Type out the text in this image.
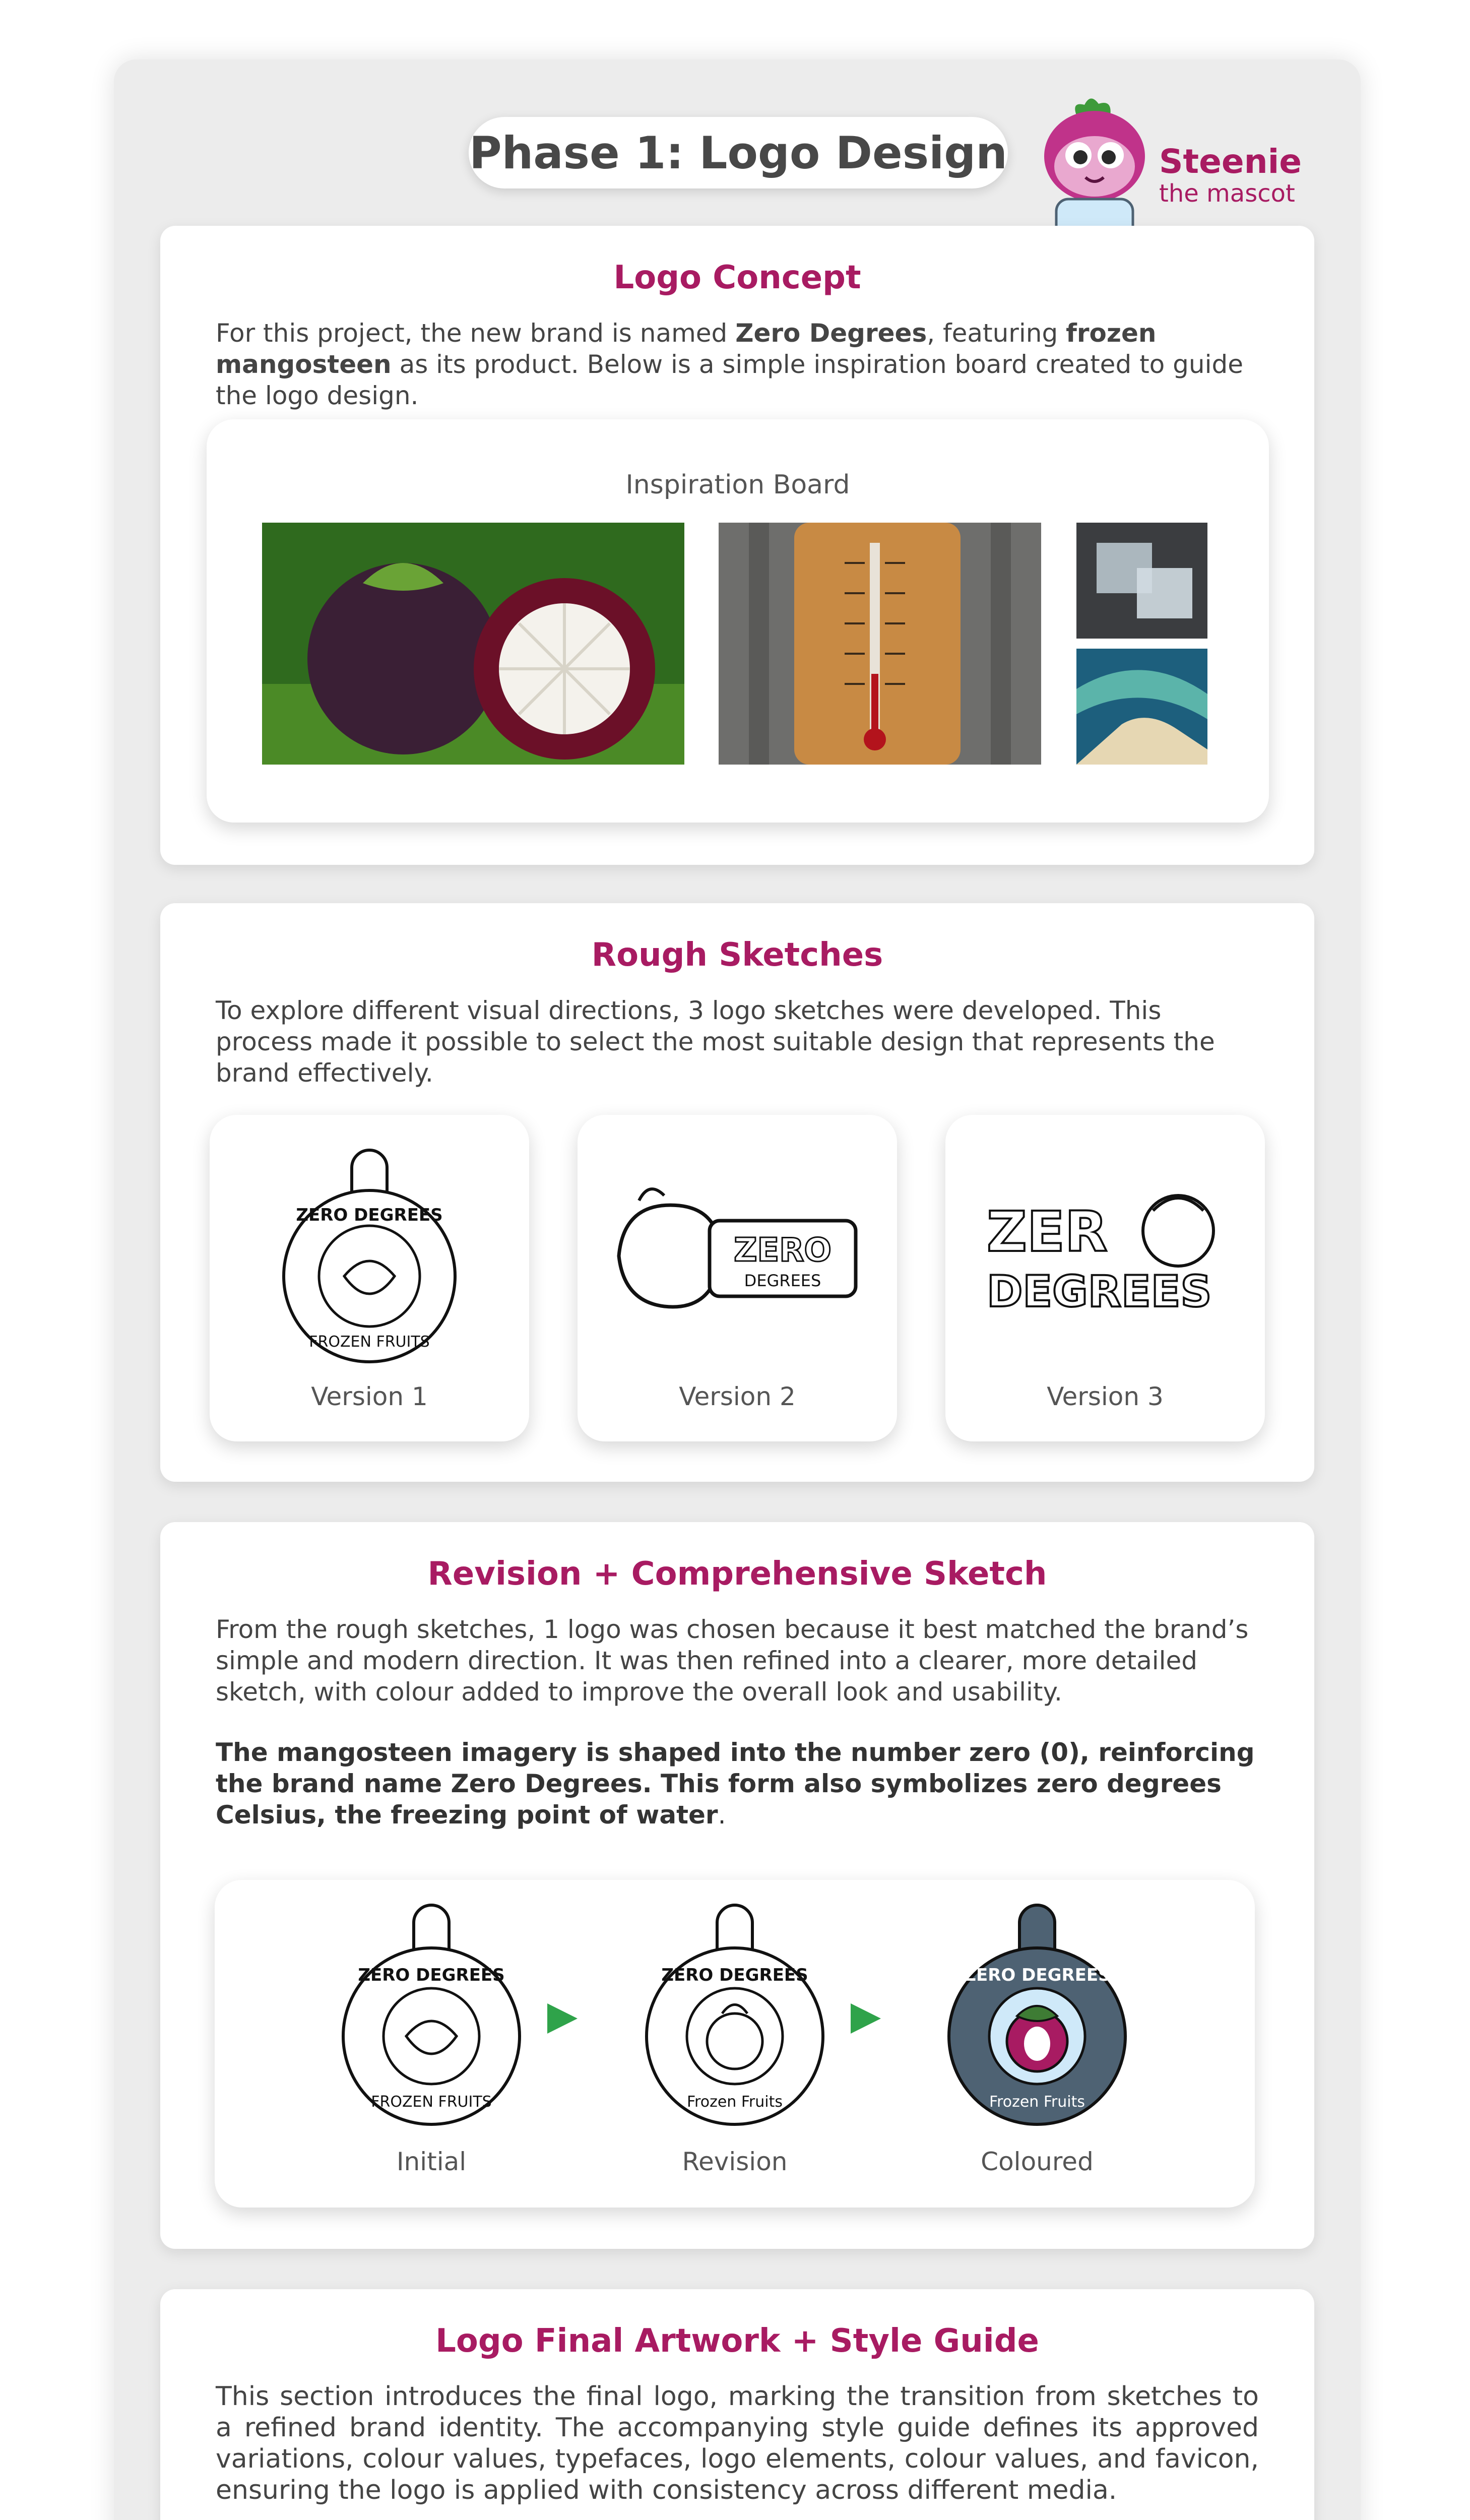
Phase 1: Logo Design	Steenie
the mascot
Logo Concept
For this project, the new brand is named Zero Degrees, featuring frozen mangosteen as its product. Below is a simple inspiration board created to guide the logo design.
Inspiration Board
Rough Sketches
To explore different visual directions, 3 logo sketches were developed. This process made it possible to select the most suitable design that represents the brand effectively.
ZERO DEGREES
FROZEN FRUITS
Version 1
ZERO
DEGREES
Version 2
ZER
DEGREES
Version 3
Revision + Comprehensive Sketch
From the rough sketches, 1 logo was chosen because it best matched the brand’s simple and modern direction. It was then refined into a clearer, more detailed sketch, with colour added to improve the overall look and usability.
The mangosteen imagery is shaped into the number zero (0), reinforcing the brand name Zero Degrees. This form also symbolizes zero degrees Celsius, the freezing point of water.
ZERO DEGREES
FROZEN FRUITS
ZERO DEGREES
Frozen Fruits
ZERO DEGREES
Frozen Fruits
Initial	Revision	Coloured
Logo Final Artwork + Style Guide
This section introduces the final logo, marking the transition from sketches to a refined brand identity. The accompanying style guide defines its approved variations, colour values, typefaces, logo elements, colour values, and favicon, ensuring the logo is applied with consistency across different media.
